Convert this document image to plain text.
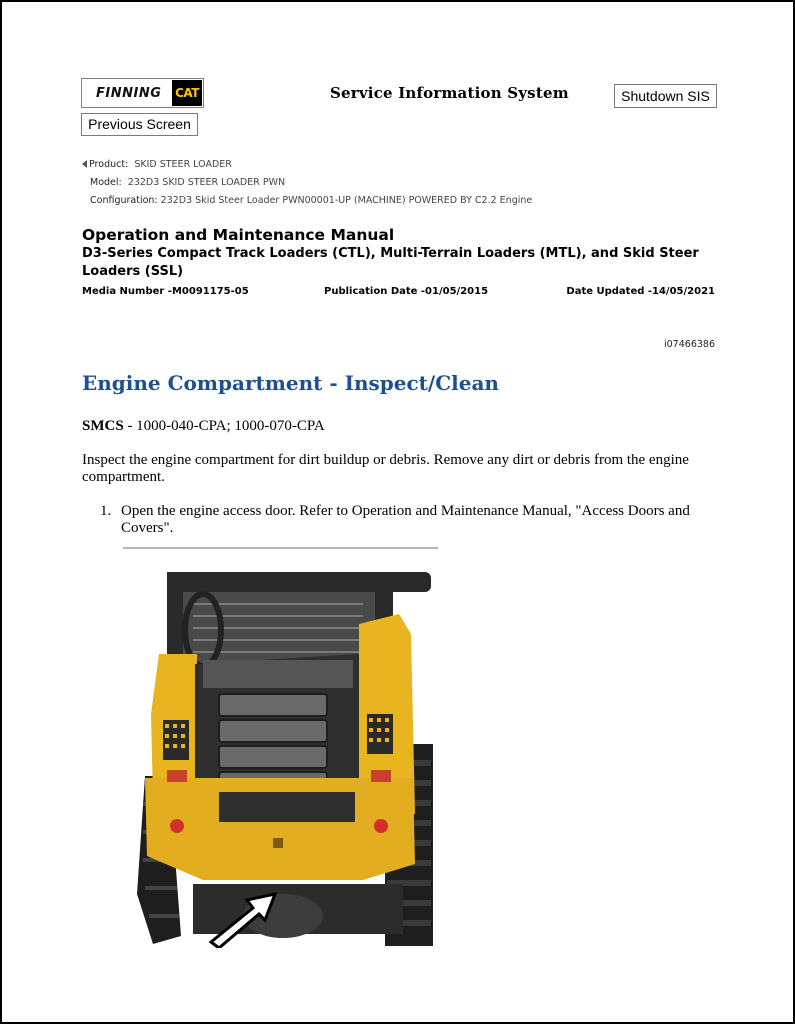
FINNING CAT
Previous Screen
Service Information System	Shutdown SIS
Product: SKID STEER LOADER
Model: 232D3 SKID STEER LOADER PWN
Configuration: 232D3 Skid Steer Loader PWN00001-UP (MACHINE) POWERED BY C2.2 Engine
Operation and Maintenance Manual
D3-Series Compact Track Loaders (CTL), Multi-Terrain Loaders (MTL), and Skid Steer Loaders (SSL)
Media Number -M0091175-05	Publication Date -01/05/2015	Date Updated -14/05/2021
i07466386
Engine Compartment - Inspect/Clean
SMCS - 1000-040-CPA; 1000-070-CPA
Inspect the engine compartment for dirt buildup or debris. Remove any dirt or debris from the engine compartment.
1. Open the engine access door. Refer to Operation and Maintenance Manual, "Access Doors and Covers".
